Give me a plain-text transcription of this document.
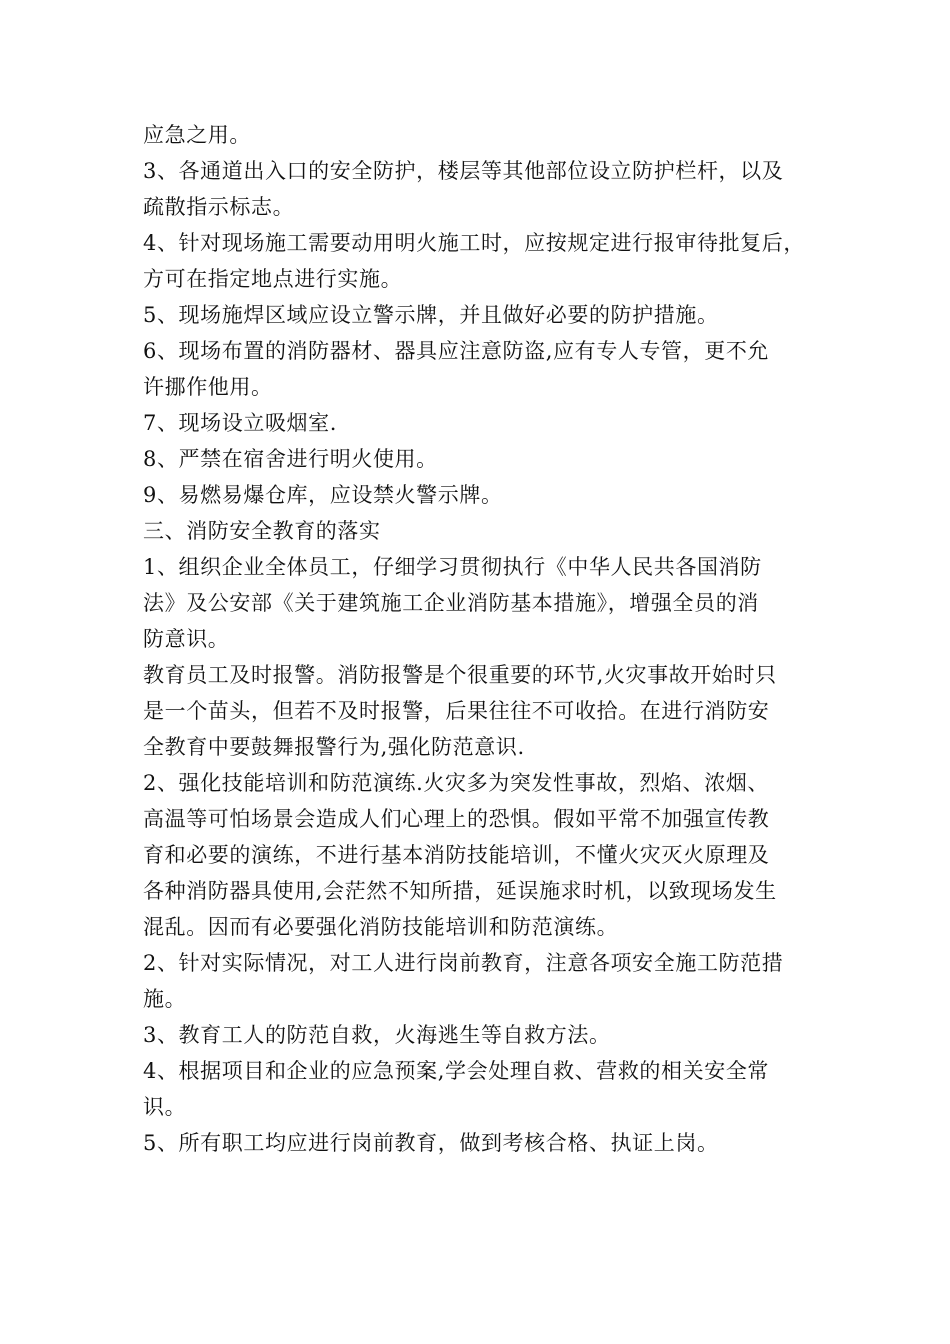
应急之用。
3、各通道出入口的安全防护，楼层等其他部位设立防护栏杆，以及
疏散指示标志。
4、针对现场施工需要动用明火施工时，应按规定进行报审待批复后，
方可在指定地点进行实施。
5、现场施焊区域应设立警示牌，并且做好必要的防护措施。
6、现场布置的消防器材、器具应注意防盗,应有专人专管，更不允
许挪作他用。
7、现场设立吸烟室.
8、严禁在宿舍进行明火使用。
9、易燃易爆仓库，应设禁火警示牌。
三、消防安全教育的落实
1、组织企业全体员工，仔细学习贯彻执行《中华人民共各国消防
法》及公安部《关于建筑施工企业消防基本措施》，增强全员的消
防意识。
教育员工及时报警。消防报警是个很重要的环节,火灾事故开始时只
是一个苗头，但若不及时报警，后果往往不可收拾。在进行消防安
全教育中要鼓舞报警行为,强化防范意识.
2、强化技能培训和防范演练.火灾多为突发性事故，烈焰、浓烟、
高温等可怕场景会造成人们心理上的恐惧。假如平常不加强宣传教
育和必要的演练，不进行基本消防技能培训，不懂火灾灭火原理及
各种消防器具使用,会茫然不知所措，延误施求时机，以致现场发生
混乱。因而有必要强化消防技能培训和防范演练。
2、针对实际情况，对工人进行岗前教育，注意各项安全施工防范措
施。
3、教育工人的防范自救，火海逃生等自救方法。
4、根据项目和企业的应急预案,学会处理自救、营救的相关安全常
识。
5、所有职工均应进行岗前教育，做到考核合格、执证上岗。
